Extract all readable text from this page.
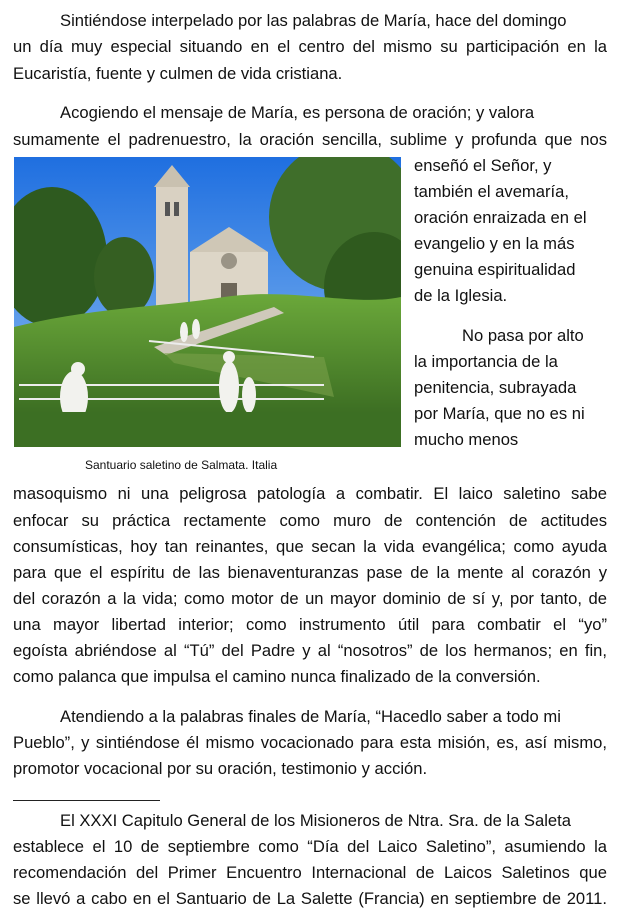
Sintiéndose interpelado por las palabras de María, hace del domingo
un día muy especial situando en el centro del mismo su participación en la
Eucaristía, fuente y culmen de vida cristiana.
Acogiendo el mensaje de María, es persona de oración; y valora
sumamente el padrenuestro, la oración sencilla, sublime y profunda que nos
enseñó el Señor, y
también el avemaría,
oración enraizada en el
evangelio y en la más
genuina espiritualidad
de la Iglesia.
No pasa por alto
la importancia de la
penitencia, subrayada
por María, que no es ni
mucho menos
Santuario saletino de Salmata. Italia
masoquismo ni una peligrosa patología a combatir. El laico saletino sabe
enfocar su práctica rectamente como muro de contención de actitudes
consumísticas, hoy tan reinantes, que secan la vida evangélica; como ayuda
para que el espíritu de las bienaventuranzas pase de la mente al corazón y
del corazón a la vida; como motor de un mayor dominio de sí y, por tanto, de
una mayor libertad interior; como instrumento útil para combatir el “yo”
egoísta abriéndose al “Tú” del Padre y al “nosotros” de los hermanos; en fin,
como palanca que impulsa el camino nunca finalizado de la conversión.
Atendiendo a la palabras finales de María, “Hacedlo saber a todo mi
Pueblo”, y sintiéndose él mismo vocacionado para esta misión, es, así mismo,
promotor vocacional por su oración, testimonio y acción.
El XXXI Capitulo General de los Misioneros de Ntra. Sra. de la Saleta
establece el 10 de septiembre como “Día del Laico Saletino”, asumiendo la
recomendación del Primer Encuentro Internacional de Laicos Saletinos que
se llevó a cabo en el Santuario de La Salette (Francia) en septiembre de 2011.
